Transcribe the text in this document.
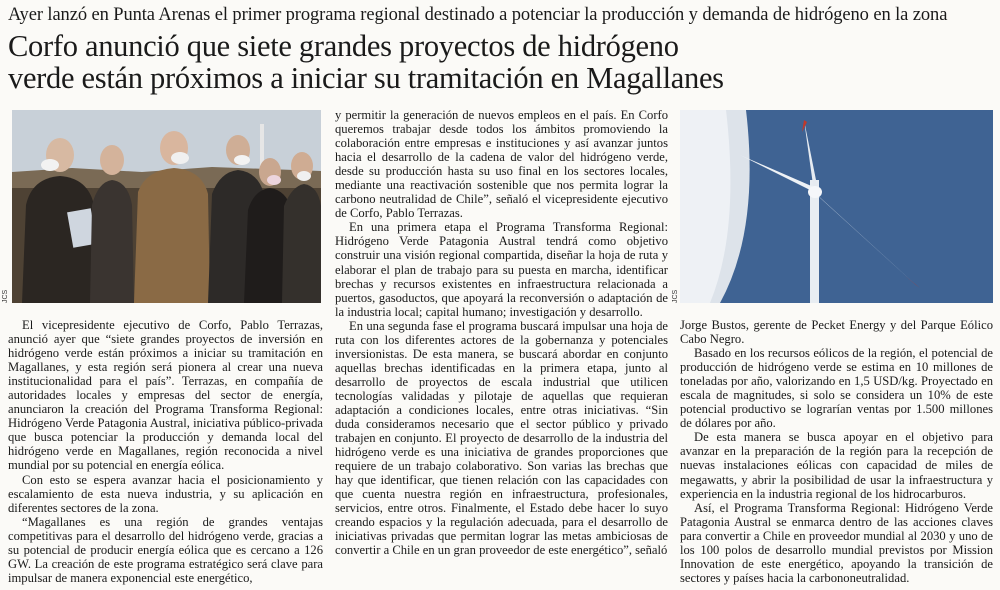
Ayer lanzó en Punta Arenas el primer programa regional destinado a potenciar la producción y demanda de hidrógeno en la zona
Corfo anunció que siete grandes proyectos de hidrógeno
verde están próximos a iniciar su tramitación en Magallanes
JCS	JCS

El vicepresidente ejecutivo de Corfo, Pablo Terrazas, anunció ayer que “siete grandes proyectos de inversión en hidrógeno verde están próximos a iniciar su tramitación en Magallanes, y esta región será pionera al crear una nueva institucionalidad para el país”. Terrazas, en compañía de autoridades locales y empresas del sector de energía, anunciaron la creación del Programa Transforma Regional: Hidrógeno Verde Patagonia Austral, iniciativa público-privada que busca potenciar la producción y demanda local del hidrógeno verde en Magallanes, región reconocida a nivel mundial por su potencial en energía eólica.

Con esto se espera avanzar hacia el posicionamiento y escalamiento de esta nueva industria, y su aplicación en diferentes sectores de la zona.

“Magallanes es una región de grandes ventajas competitivas para el desarrollo del hidrógeno verde, gracias a su potencial de producir energía eólica que es cercano a 126 GW. La creación de este programa estratégico será clave para impulsar de manera exponencial este energético,

y permitir la generación de nuevos empleos en el país. En Corfo queremos trabajar desde todos los ámbitos promoviendo la colaboración entre empresas e instituciones y así avanzar juntos hacia el desarrollo de la cadena de valor del hidrógeno verde, desde su producción hasta su uso final en los sectores locales, mediante una reactivación sostenible que nos permita lograr la carbono neutralidad de Chile”, señaló el vicepresidente ejecutivo de Corfo, Pablo Terrazas.

En una primera etapa el Programa Transforma Regional: Hidrógeno Verde Patagonia Austral tendrá como objetivo construir una visión regional compartida, diseñar la hoja de ruta y elaborar el plan de trabajo para su puesta en marcha, identificar brechas y recursos existentes en infraestructura relacionada a puertos, gasoductos, que apoyará la reconversión o adaptación de la industria local; capital humano; investigación y desarrollo.

En una segunda fase el programa buscará impulsar una hoja de ruta con los diferentes actores de la gobernanza y potenciales inversionistas. De esta manera, se buscará abordar en conjunto aquellas brechas identificadas en la primera etapa, junto al desarrollo de proyectos de escala industrial que utilicen tecnologías validadas y pilotaje de aquellas que requieran adaptación a condiciones locales, entre otras iniciativas. “Sin duda consideramos necesario que el sector público y privado trabajen en conjunto. El proyecto de desarrollo de la industria del hidrógeno verde es una iniciativa de grandes proporciones que requiere de un trabajo colaborativo. Son varias las brechas que hay que identificar, que tienen relación con las capacidades con que cuenta nuestra región en infraestructura, profesionales, servicios, entre otros. Finalmente, el Estado debe hacer lo suyo creando espacios y la regulación adecuada, para el desarrollo de iniciativas privadas que permitan lograr las metas ambiciosas de convertir a Chile en un gran proveedor de este energético”, señaló

Jorge Bustos, gerente de Pecket Energy y del Parque Eólico Cabo Negro.

Basado en los recursos eólicos de la región, el potencial de producción de hidrógeno verde se estima en 10 millones de toneladas por año, valorizando en 1,5 USD/kg. Proyectado en escala de magnitudes, si solo se considera un 10% de este potencial productivo se lograrían ventas por 1.500 millones de dólares por año.

De esta manera se busca apoyar en el objetivo para avanzar en la preparación de la región para la recepción de nuevas instalaciones eólicas con capacidad de miles de megawatts, y abrir la posibilidad de usar la infraestructura y experiencia en la industria regional de los hidrocarburos.

Así, el Programa Transforma Regional: Hidrógeno Verde Patagonia Austral se enmarca dentro de las acciones claves para convertir a Chile en proveedor mundial al 2030 y uno de los 100 polos de desarrollo mundial previstos por Mission Innovation de este energético, apoyando la transición de sectores y países hacia la carbononeutralidad.
